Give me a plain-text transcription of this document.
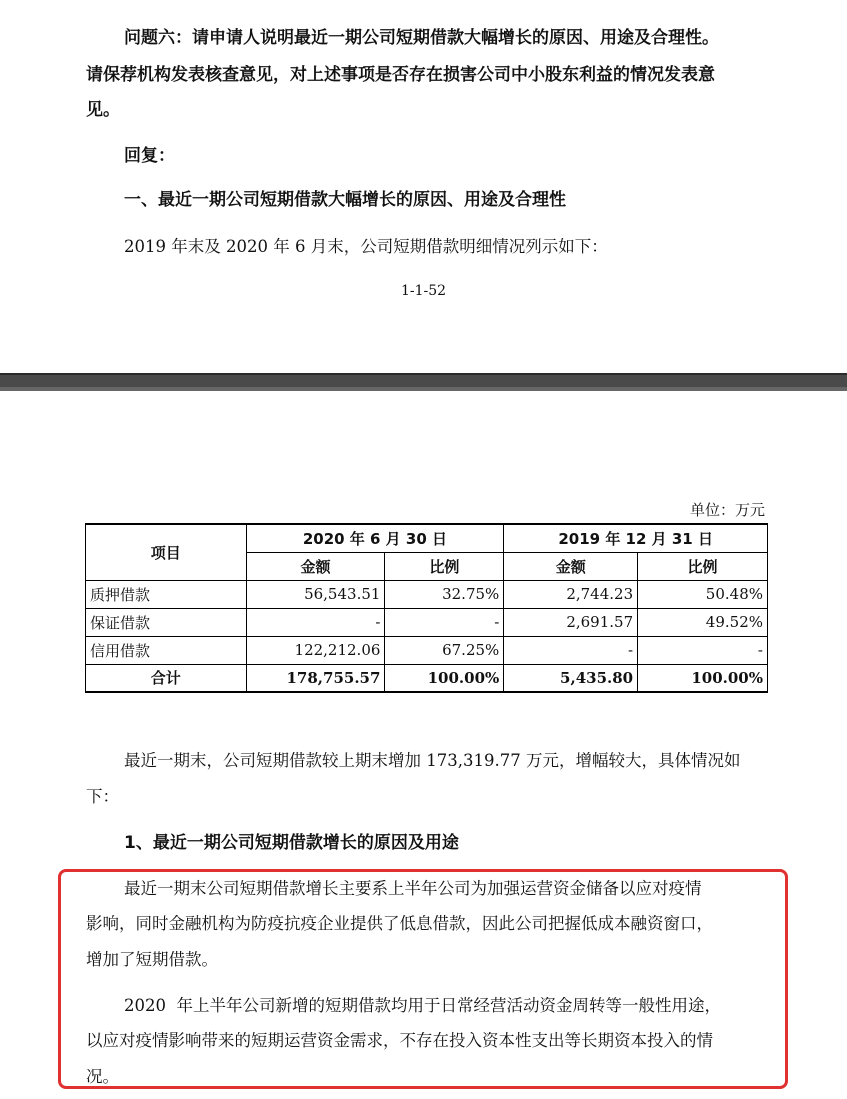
问题六：请申请人说明最近一期公司短期借款大幅增长的原因、用途及合理性。
请保荐机构发表核查意见，对上述事项是否存在损害公司中小股东利益的情况发表意
见。
回复：
一、最近一期公司短期借款大幅增长的原因、用途及合理性
2019 年末及 2020 年 6 月末，公司短期借款明细情况列示如下：
1-1-52
单位：万元
项目	2020 年 6 月 30 日		2019 年 12 月 31 日	
	金额	比例	金额	比例
质押借款	56,543.51	32.75%	2,744.23	50.48%
保证借款	-	-	2,691.57	49.52%
信用借款	122,212.06	67.25%	-	-
合计	178,755.57	100.00%	5,435.80	100.00%
最近一期末，公司短期借款较上期末增加 173,319.77 万元，增幅较大，具体情况如
下：
1、最近一期公司短期借款增长的原因及用途
最近一期末公司短期借款增长主要系上半年公司为加强运营资金储备以应对疫情
影响，同时金融机构为防疫抗疫企业提供了低息借款，因此公司把握低成本融资窗口，
增加了短期借款。
2020  年上半年公司新增的短期借款均用于日常经营活动资金周转等一般性用途，
以应对疫情影响带来的短期运营资金需求，不存在投入资本性支出等长期资本投入的情
况。
